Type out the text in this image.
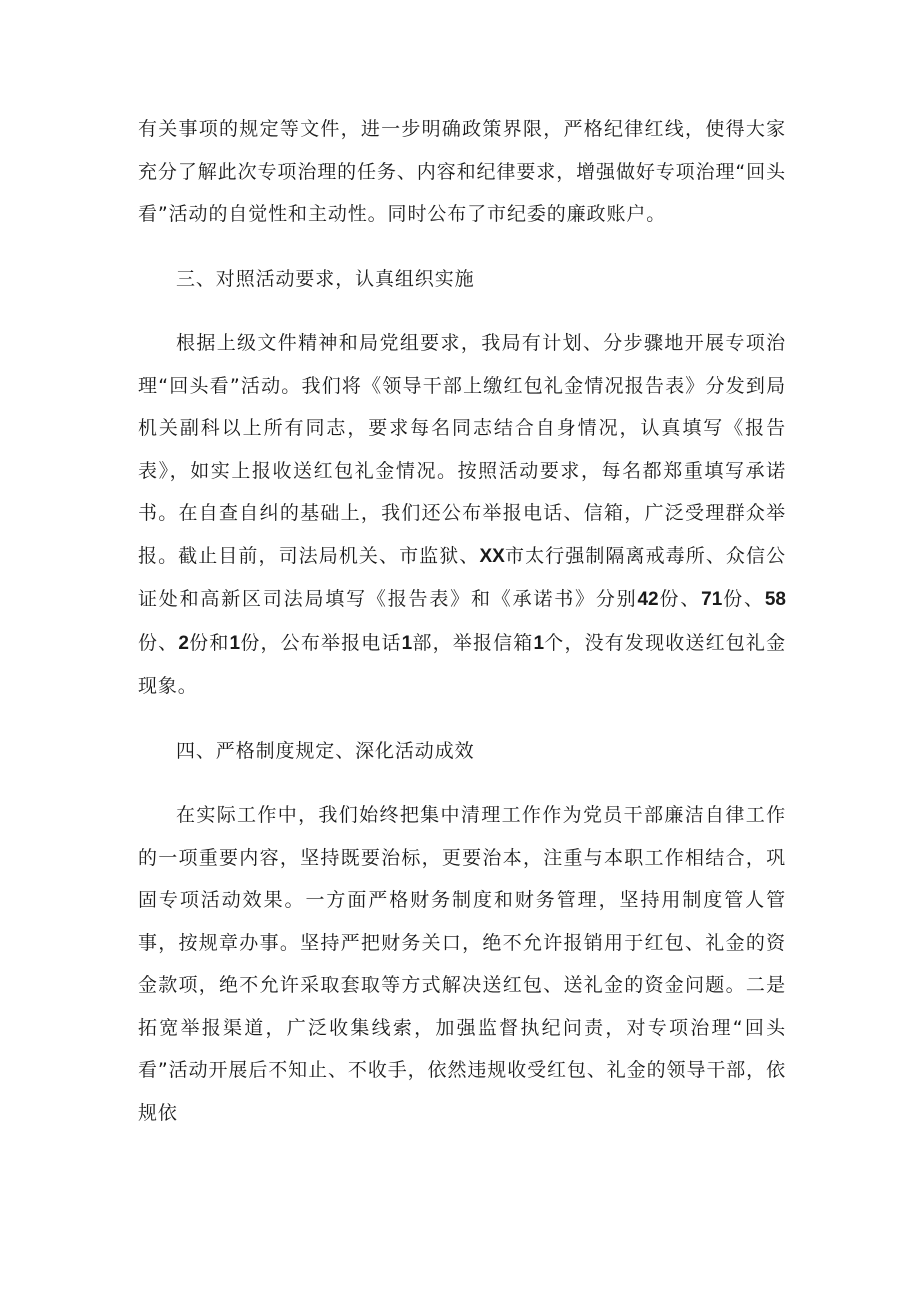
有关事项的规定等文件，进一步明确政策界限，严格纪律红线，使得大家充分了解此次专项治理的任务、内容和纪律要求，增强做好专项治理“回头看”活动的自觉性和主动性。同时公布了市纪委的廉政账户。

三、对照活动要求，认真组织实施

根据上级文件精神和局党组要求，我局有计划、分步骤地开展专项治理“回头看”活动。我们将《领导干部上缴红包礼金情况报告表》分发到局机关副科以上所有同志，要求每名同志结合自身情况，认真填写《报告表》，如实上报收送红包礼金情况。按照活动要求，每名都郑重填写承诺书。在自查自纠的基础上，我们还公布举报电话、信箱，广泛受理群众举报。截止目前，司法局机关、市监狱、XX市太行强制隔离戒毒所、众信公证处和高新区司法局填写《报告表》和《承诺书》分别42份、71份、58份、2份和1份，公布举报电话1部，举报信箱1个，没有发现收送红包礼金现象。

四、严格制度规定、深化活动成效

在实际工作中，我们始终把集中清理工作作为党员干部廉洁自律工作的一项重要内容，坚持既要治标，更要治本，注重与本职工作相结合，巩固专项活动效果。一方面严格财务制度和财务管理，坚持用制度管人管事，按规章办事。坚持严把财务关口，绝不允许报销用于红包、礼金的资金款项，绝不允许采取套取等方式解决送红包、送礼金的资金问题。二是拓宽举报渠道，广泛收集线索，加强监督执纪问责，对专项治理“回头看”活动开展后不知止、不收手，依然违规收受红包、礼金的领导干部，依规依
